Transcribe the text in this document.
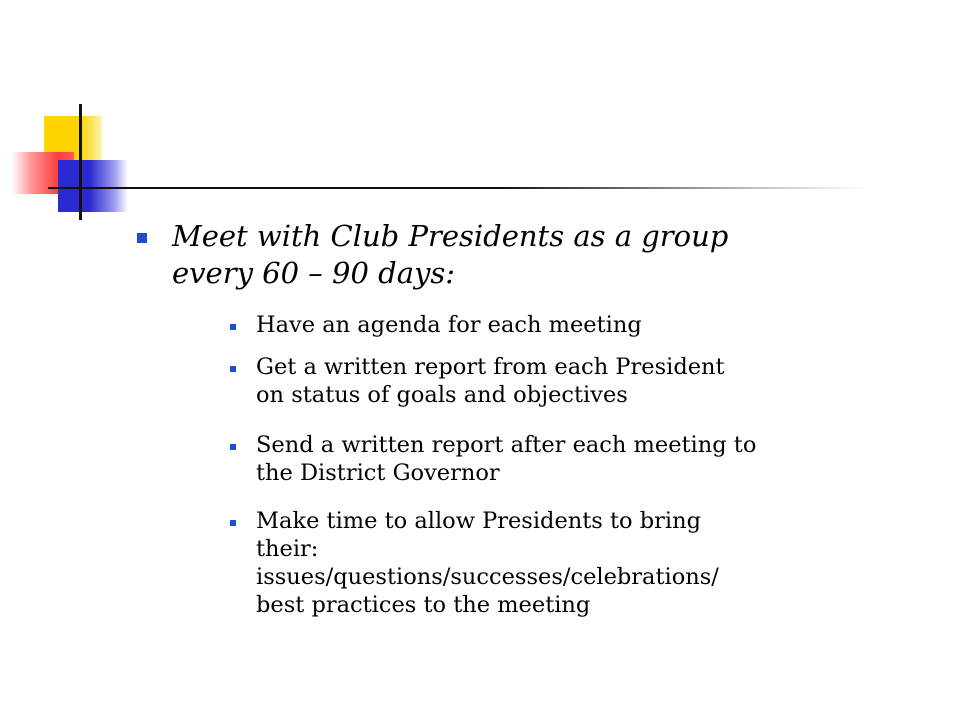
Meet with Club Presidents as a group
every 60 – 90 days:

Have an agenda for each meeting
Get a written report from each President
on status of goals and objectives
Send a written report after each meeting to
the District Governor
Make time to allow Presidents to bring
their:
issues/questions/successes/celebrations/
best practices to the meeting
